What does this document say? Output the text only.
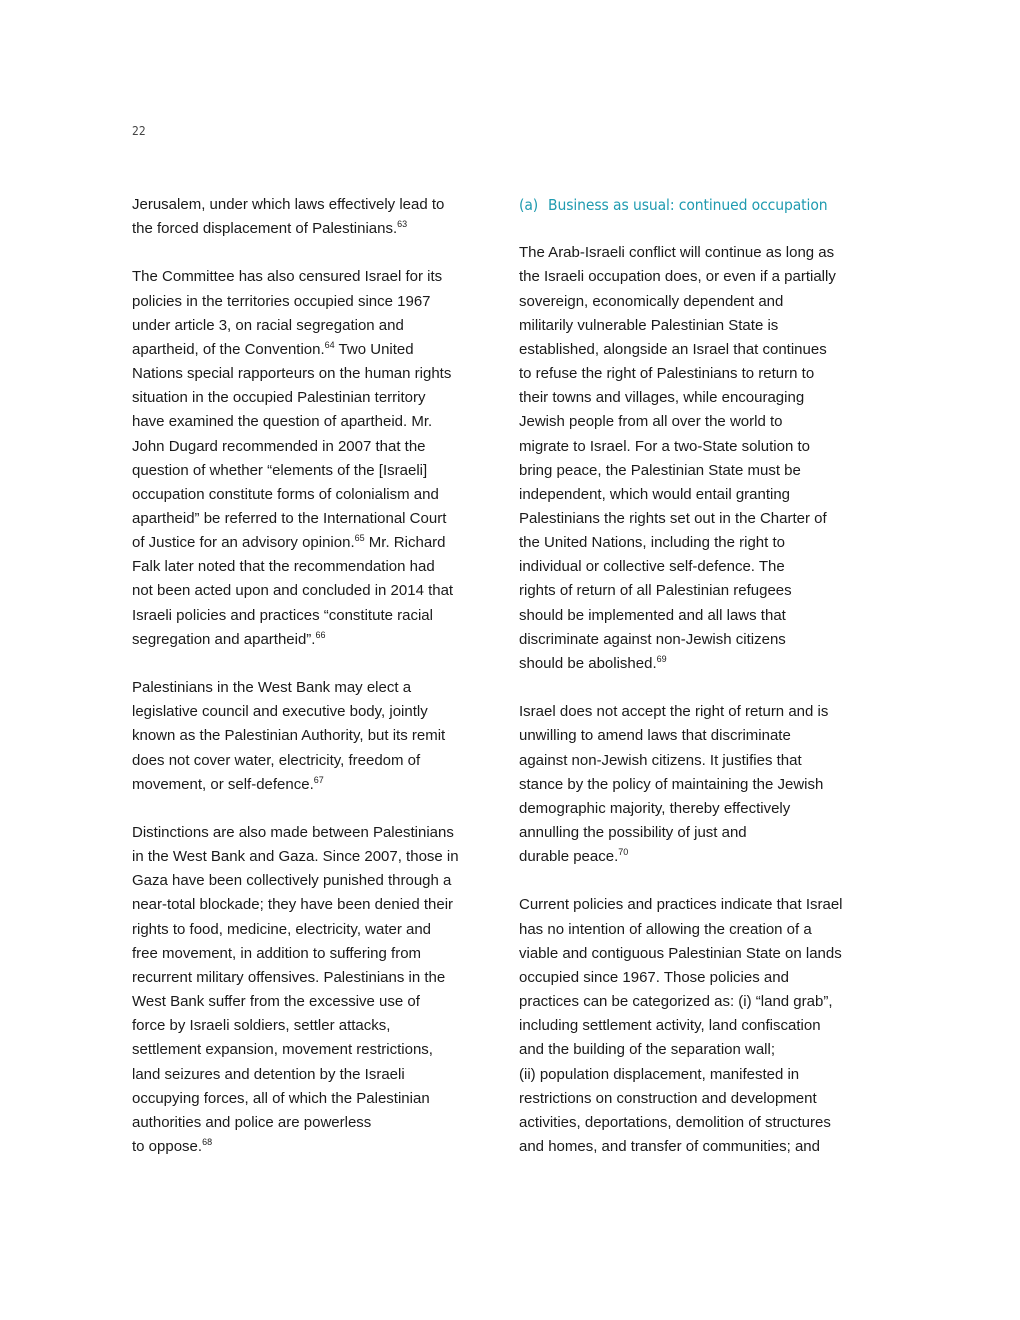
22
Jerusalem, under which laws effectively lead to
the forced displacement of Palestinians.$^{63}$
The Committee has also censured Israel for its
policies in the territories occupied since 1967
under article 3, on racial segregation and
apartheid, of the Convention.$^{64}$ Two United
Nations special rapporteurs on the human rights
situation in the occupied Palestinian territory
have examined the question of apartheid. Mr.
John Dugard recommended in 2007 that the
question of whether “elements of the [Israeli]
occupation constitute forms of colonialism and
apartheid” be referred to the International Court
of Justice for an advisory opinion.$^{65}$ Mr. Richard
Falk later noted that the recommendation had
not been acted upon and concluded in 2014 that
Israeli policies and practices “constitute racial
segregation and apartheid”.$^{66}$
Palestinians in the West Bank may elect a
legislative council and executive body, jointly
known as the Palestinian Authority, but its remit
does not cover water, electricity, freedom of
movement, or self-defence.$^{67}$
Distinctions are also made between Palestinians
in the West Bank and Gaza. Since 2007, those in
Gaza have been collectively punished through a
near-total blockade; they have been denied their
rights to food, medicine, electricity, water and
free movement, in addition to suffering from
recurrent military offensives. Palestinians in the
West Bank suffer from the excessive use of
force by Israeli soldiers, settler attacks,
settlement expansion, movement restrictions,
land seizures and detention by the Israeli
occupying forces, all of which the Palestinian
authorities and police are powerless
to oppose.$^{68}$
(a) Business as usual: continued occupation
The Arab-Israeli conflict will continue as long as
the Israeli occupation does, or even if a partially
sovereign, economically dependent and
militarily vulnerable Palestinian State is
established, alongside an Israel that continues
to refuse the right of Palestinians to return to
their towns and villages, while encouraging
Jewish people from all over the world to
migrate to Israel. For a two-State solution to
bring peace, the Palestinian State must be
independent, which would entail granting
Palestinians the rights set out in the Charter of
the United Nations, including the right to
individual or collective self-defence. The
rights of return of all Palestinian refugees
should be implemented and all laws that
discriminate against non-Jewish citizens
should be abolished.$^{69}$
Israel does not accept the right of return and is
unwilling to amend laws that discriminate
against non-Jewish citizens. It justifies that
stance by the policy of maintaining the Jewish
demographic majority, thereby effectively
annulling the possibility of just and
durable peace.$^{70}$
Current policies and practices indicate that Israel
has no intention of allowing the creation of a
viable and contiguous Palestinian State on lands
occupied since 1967. Those policies and
practices can be categorized as: (i) “land grab”,
including settlement activity, land confiscation
and the building of the separation wall;
(ii) population displacement, manifested in
restrictions on construction and development
activities, deportations, demolition of structures
and homes, and transfer of communities; and
